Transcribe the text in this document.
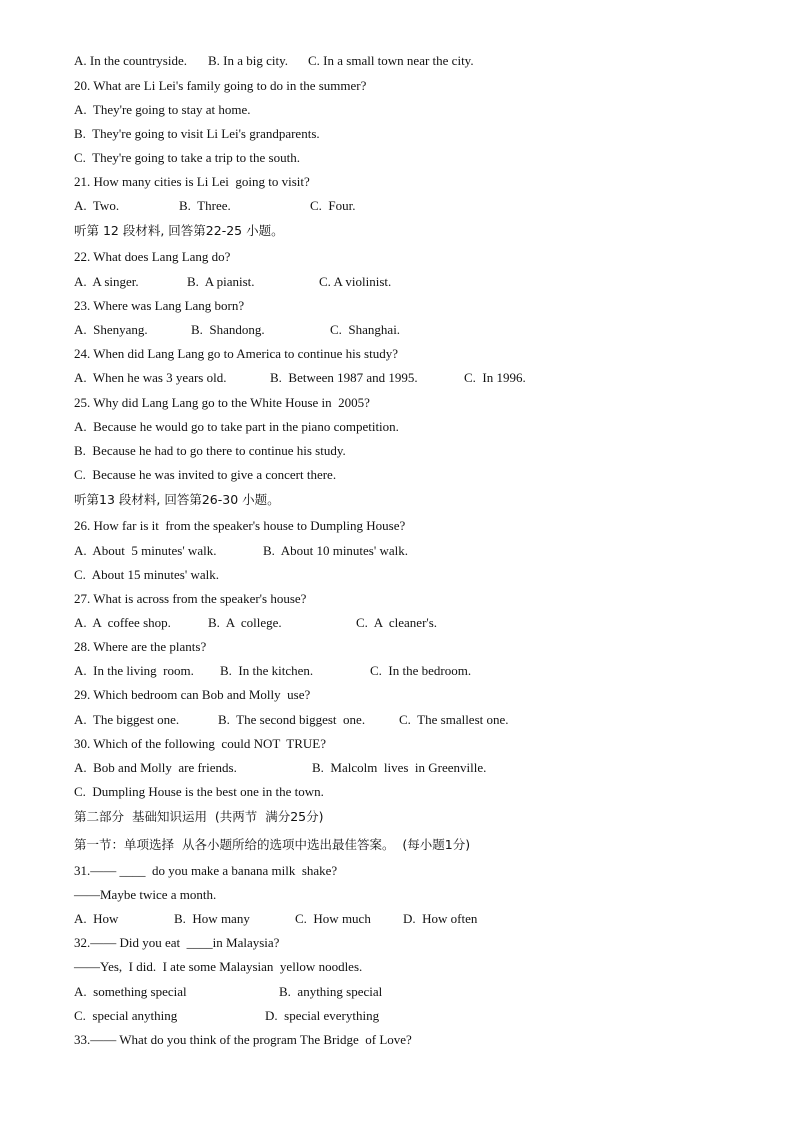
A. In the countryside.

B. In a big city.

C. In a small town near the city.

20. What are Li Lei's family going to do in the summer?
A.  They're going to stay at home.
B.  They're going to visit Li Lei's grandparents.
C.  They're going to take a trip to the south.
21. How many cities is Li Lei  going to visit?

A.  Two.

	B.  Three.

	C.  Four.

听第 12 段材料, 回答第22-25 小题。
22. What does Lang Lang do?

A.  A singer.

	B.  A pianist.

	C. A violinist.

23. Where was Lang Lang born?

A.  Shenyang.

	B.  Shandong.

	C.  Shanghai.

24. When did Lang Lang go to America to continue his study?

A.  When he was 3 years old.

	B.  Between 1987 and 1995.

	C.  In 1996.

25. Why did Lang Lang go to the White House in  2005?
A.  Because he would go to take part in the piano competition.
B.  Because he had to go there to continue his study.
C.  Because he was invited to give a concert there.
听第13 段材料, 回答第26-30 小题。
26. How far is it  from the speaker's house to Dumpling House?

A.  About  5 minutes' walk.

	B.  About 10 minutes' walk.

C.  About 15 minutes' walk.
27. What is across from the speaker's house?

A.  A  coffee shop.

	B.  A  college.

	C.  A  cleaner's.

28. Where are the plants?

A.  In the living  room.

B.  In the kitchen.

	C.  In the bedroom.

29. Which bedroom can Bob and Molly  use?

A.  The biggest one.

	B.  The second biggest  one.

	C.  The smallest one.

30. Which of the following  could NOT  TRUE?

A.  Bob and Molly  are friends.

	B.  Malcolm  lives  in Greenville.

C.  Dumpling House is the best one in the town.
第二部分  基础知识运用  (共两节  满分25分)
第一节：单项选择  从各小题所给的选项中选出最佳答案。  (每小题1分)
31.—— ____  do you make a banana milk  shake?
——Maybe twice a month.

A.  How

	B.  How many

	C.  How much

D.  How often

32.—— Did you eat  ____in Malaysia?
——Yes,  I did.  I ate some Malaysian  yellow noodles.

A.  something special

	B.  anything special

C.  special anything

	D.  special everything

33.—— What do you think of the program The Bridge  of Love?
